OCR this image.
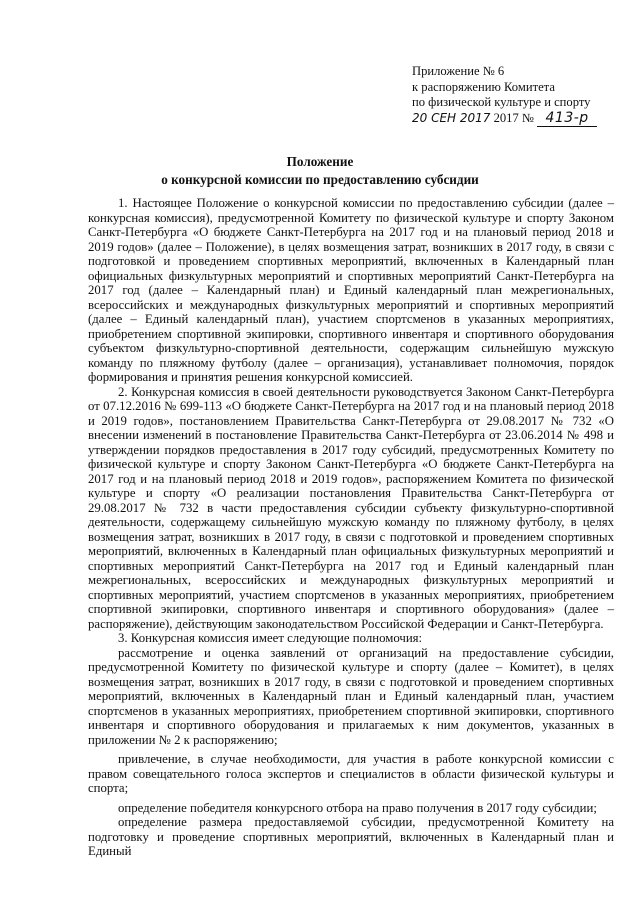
Приложение № 6
к распоряжению Комитета
по физической культуре и спорту
20 СЕН 2017 2017 № 413-р
Положение
о конкурсной комиссии по предоставлению субсидии

1. Настоящее Положение о конкурсной комиссии по предоставлению субсидии (далее – конкурсная комиссия), предусмотренной Комитету по физической культуре и спорту Законом Санкт-Петербурга «О бюджете Санкт-Петербурга на 2017 год и на плановый период 2018 и 2019 годов» (далее – Положение), в целях возмещения затрат, возникших в 2017 году, в связи с подготовкой и проведением спортивных мероприятий, включенных в Календарный план официальных физкультурных мероприятий и спортивных мероприятий Санкт-Петербурга на 2017 год (далее – Календарный план) и Единый календарный план межрегиональных, всероссийских и международных физкультурных мероприятий и спортивных мероприятий (далее – Единый календарный план), участием спортсменов в указанных мероприятиях, приобретением спортивной экипировки, спортивного инвентаря и спортивного оборудования субъектом физкультурно-спортивной деятельности, содержащим сильнейшую мужскую команду по пляжному футболу (далее – организация), устанавливает полномочия, порядок формирования и принятия решения конкурсной комиссией.

2. Конкурсная комиссия в своей деятельности руководствуется Законом Санкт-Петербурга от 07.12.2016 № 699-113 «О бюджете Санкт-Петербурга на 2017 год и на плановый период 2018 и 2019 годов», постановлением Правительства Санкт-Петербурга от 29.08.2017 № 732 «О внесении изменений в постановление Правительства Санкт-Петербурга от 23.06.2014 № 498 и утверждении порядков предоставления в 2017 году субсидий, предусмотренных Комитету по физической культуре и спорту Законом Санкт-Петербурга «О бюджете Санкт-Петербурга на 2017 год и на плановый период 2018 и 2019 годов», распоряжением Комитета по физической культуре и спорту «О реализации постановления Правительства Санкт-Петербурга от 29.08.2017 № 732 в части предоставления субсидии субъекту физкультурно-спортивной деятельности, содержащему сильнейшую мужскую команду по пляжному футболу, в целях возмещения затрат, возникших в 2017 году, в связи с подготовкой и проведением спортивных мероприятий, включенных в Календарный план официальных физкультурных мероприятий и спортивных мероприятий Санкт-Петербурга на 2017 год и Единый календарный план межрегиональных, всероссийских и международных физкультурных мероприятий и спортивных мероприятий, участием спортсменов в указанных мероприятиях, приобретением спортивной экипировки, спортивного инвентаря и спортивного оборудования» (далее – распоряжение), действующим законодательством Российской Федерации и Санкт-Петербурга.

3. Конкурсная комиссия имеет следующие полномочия:

рассмотрение и оценка заявлений от организаций на предоставление субсидии, предусмотренной Комитету по физической культуре и спорту (далее – Комитет), в целях возмещения затрат, возникших в 2017 году, в связи с подготовкой и проведением спортивных мероприятий, включенных в Календарный план и Единый календарный план, участием спортсменов в указанных мероприятиях, приобретением спортивной экипировки, спортивного инвентаря и спортивного оборудования и прилагаемых к ним документов, указанных в приложении № 2 к распоряжению;

привлечение, в случае необходимости, для участия в работе конкурсной комиссии с правом совещательного голоса экспертов и специалистов в области физической культуры и спорта;

определение победителя конкурсного отбора на право получения в 2017 году субсидии;

определение размера предоставляемой субсидии, предусмотренной Комитету на подготовку и проведение спортивных мероприятий, включенных в Календарный план и Единый
